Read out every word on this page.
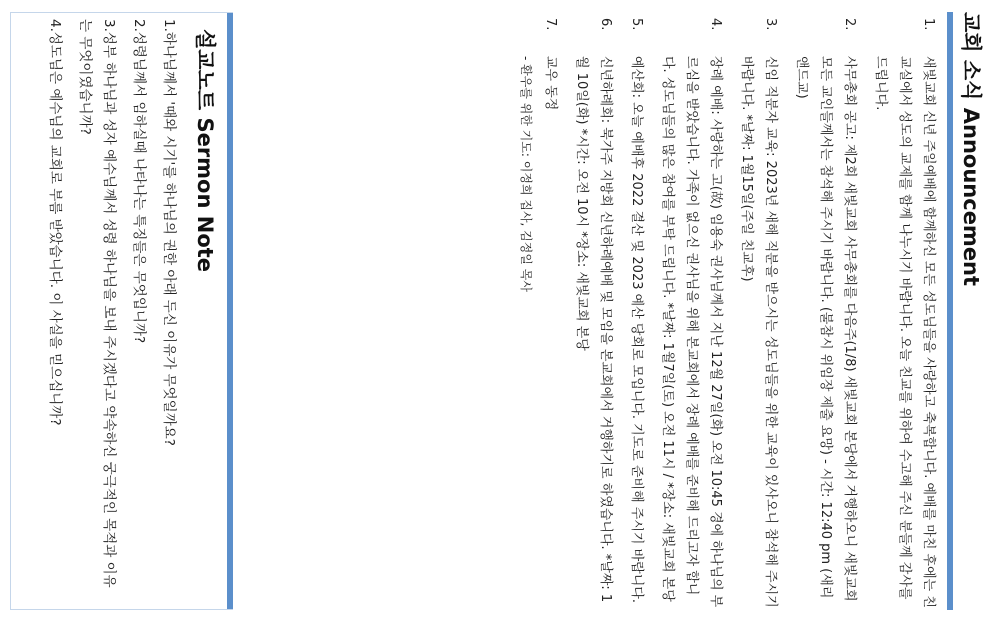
교회 소식 Announcement
1.
새빛교회 신년 주일예배에 함께하신 모든 성도님들을 사랑하고 축복합니다. 예배를 마친 후에는 친교실에서 성도의 교제를 함께 나누시기 바랍니다. 오늘 친교를 위하여 수고해 주신 분들께 감사를 드립니다.
2.
사무총회 공고: 제2회 새빛교회 사무총회를 다음주(1/8) 새빛교회 본당에서 거행하오니 새빛교회 모든 교인들께서는 참석해 주시기 바랍니다. (불참시 위임장 제출 요망) - 시간: 12:40 pm (새리앤드교)
3.
신임 직분자 교육: 2023년 새해 직분을 받으시는 성도님들을 위한 교육이 있사오니 참석해 주시기 바랍니다. *날짜: 1월15일(주일 친교후)
4.
장례 예배: 사랑하는 고(故) 임용숙 권사님께서 지난 12월 27일(화) 오전 10:45 경에 하나님의 부르심을 받았습니다. 가족이 없으신 권사님을 위해 본교회에서 장례 예배를 준비해 드리고자 합니다. 성도님들의 많은 참여를 부탁 드립니다. *날짜: 1월7일(토) 오전 11시 / *장소: 새빛교회 본당
5.
예산회: 오늘 예배후 2022 결산 및 2023 예산 당회로 모입니다. 기도로 준비해 주시기 바랍니다.
6.
신년하례회: 북가주 지방회 신년하례예배 및 모임을 본교회에서 거행하기로 하였습니다. *날짜: 1월 10일(화) *시간: 오전 10시 *장소: 새빛교회 본당
7.
교우 동정
- 환우를 위한 기도: 이정희 집사, 김정일 목사
설교노트 Sermon Note
1.하나님께서 '때와 시기'를 하나님의 권한 아래 두신 이유가 무엇일까요?
2.성령님께서 임하실때 나타나는 특징들은 무엇입니까?
3.성부 하나님과 성자 예수님께서 성령 하나님을 보내 주시겠다고 약속하신 궁극적인 목적과 이유는 무엇이였습니까?
4.성도님은 예수님의 교회로 부름 받았습니다. 이 사실을 믿으십니까?
